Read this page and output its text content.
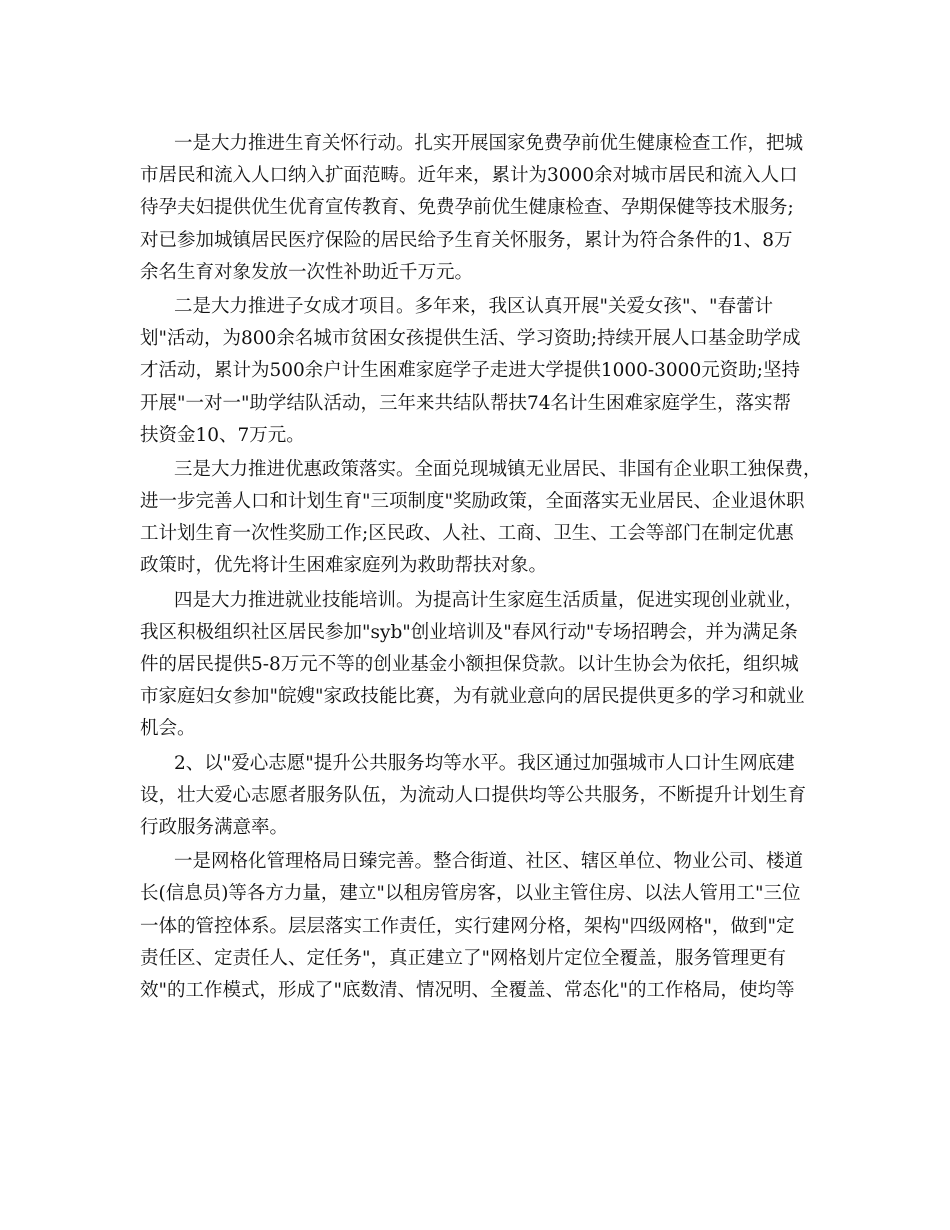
一是大力推进生育关怀行动。扎实开展国家免费孕前优生健康检查工作，把城
市居民和流入人口纳入扩面范畴。近年来，累计为3000余对城市居民和流入人口
待孕夫妇提供优生优育宣传教育、免费孕前优生健康检查、孕期保健等技术服务;
对已参加城镇居民医疗保险的居民给予生育关怀服务，累计为符合条件的1、8万
余名生育对象发放一次性补助近千万元。

二是大力推进子女成才项目。多年来，我区认真开展"关爱女孩"、"春蕾计
划"活动，为800余名城市贫困女孩提供生活、学习资助;持续开展人口基金助学成
才活动，累计为500余户计生困难家庭学子走进大学提供1000-3000元资助;坚持
开展"一对一"助学结队活动，三年来共结队帮扶74名计生困难家庭学生，落实帮
扶资金10、7万元。

三是大力推进优惠政策落实。全面兑现城镇无业居民、非国有企业职工独保费，
进一步完善人口和计划生育"三项制度"奖励政策，全面落实无业居民、企业退休职
工计划生育一次性奖励工作;区民政、人社、工商、卫生、工会等部门在制定优惠
政策时，优先将计生困难家庭列为救助帮扶对象。

四是大力推进就业技能培训。为提高计生家庭生活质量，促进实现创业就业，
我区积极组织社区居民参加"syb"创业培训及"春风行动"专场招聘会，并为满足条
件的居民提供5-8万元不等的创业基金小额担保贷款。以计生协会为依托，组织城
市家庭妇女参加"皖嫂"家政技能比赛，为有就业意向的居民提供更多的学习和就业
机会。

2、以"爱心志愿"提升公共服务均等水平。我区通过加强城市人口计生网底建
设，壮大爱心志愿者服务队伍，为流动人口提供均等公共服务，不断提升计划生育
行政服务满意率。

一是网格化管理格局日臻完善。整合街道、社区、辖区单位、物业公司、楼道
长(信息员)等各方力量，建立"以租房管房客，以业主管住房、以法人管用工"三位
一体的管控体系。层层落实工作责任，实行建网分格，架构"四级网格"，做到"定
责任区、定责任人、定任务"，真正建立了"网格划片定位全覆盖，服务管理更有
效"的工作模式，形成了"底数清、情况明、全覆盖、常态化"的工作格局，使均等
